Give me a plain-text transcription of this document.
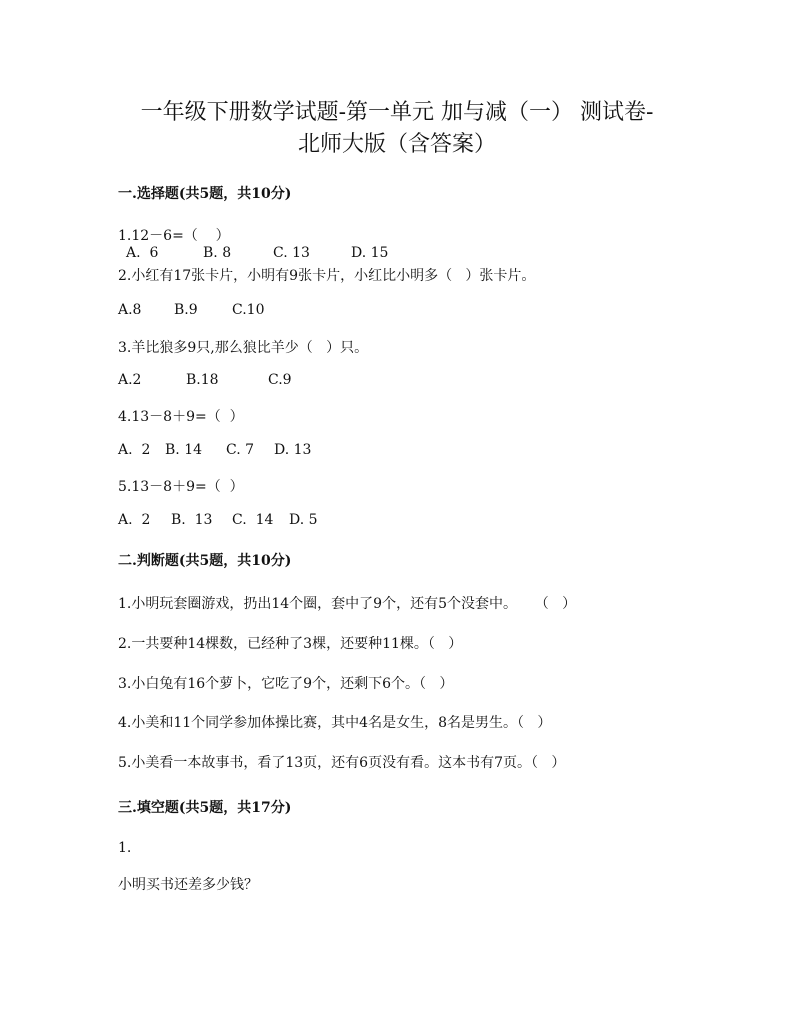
一年级下册数学试题-第一单元 加与减（一） 测试卷-
北师大版（含答案）
一.选择题(共5题，共10分)
1.12－6=（    ）
A.  6	B. 8	C. 13	D. 15
2.小红有17张卡片，小明有9张卡片，小红比小明多（   ）张卡片。
A.8 B.9 C.10
3.羊比狼多9只,那么狼比羊少（   ）只。
A.2	B.18	C.9
4.13－8＋9=（  ）
A.  2 B. 14 C. 7 D. 13
5.13－8＋9=（  ）
A.  2 B.  13 C.  14 D. 5
二.判断题(共5题，共10分)
1.小明玩套圈游戏，扔出14个圈，套中了9个，还有5个没套中。    （   ）
2.一共要种14棵数，已经种了3棵，还要种11棵。（   ）
3.小白兔有16个萝卜，它吃了9个，还剩下6个。（   ）
4.小美和11个同学参加体操比赛，其中4名是女生，8名是男生。（   ）
5.小美看一本故事书，看了13页，还有6页没有看。这本书有7页。（   ）
三.填空题(共5题，共17分)
1.
小明买书还差多少钱？
